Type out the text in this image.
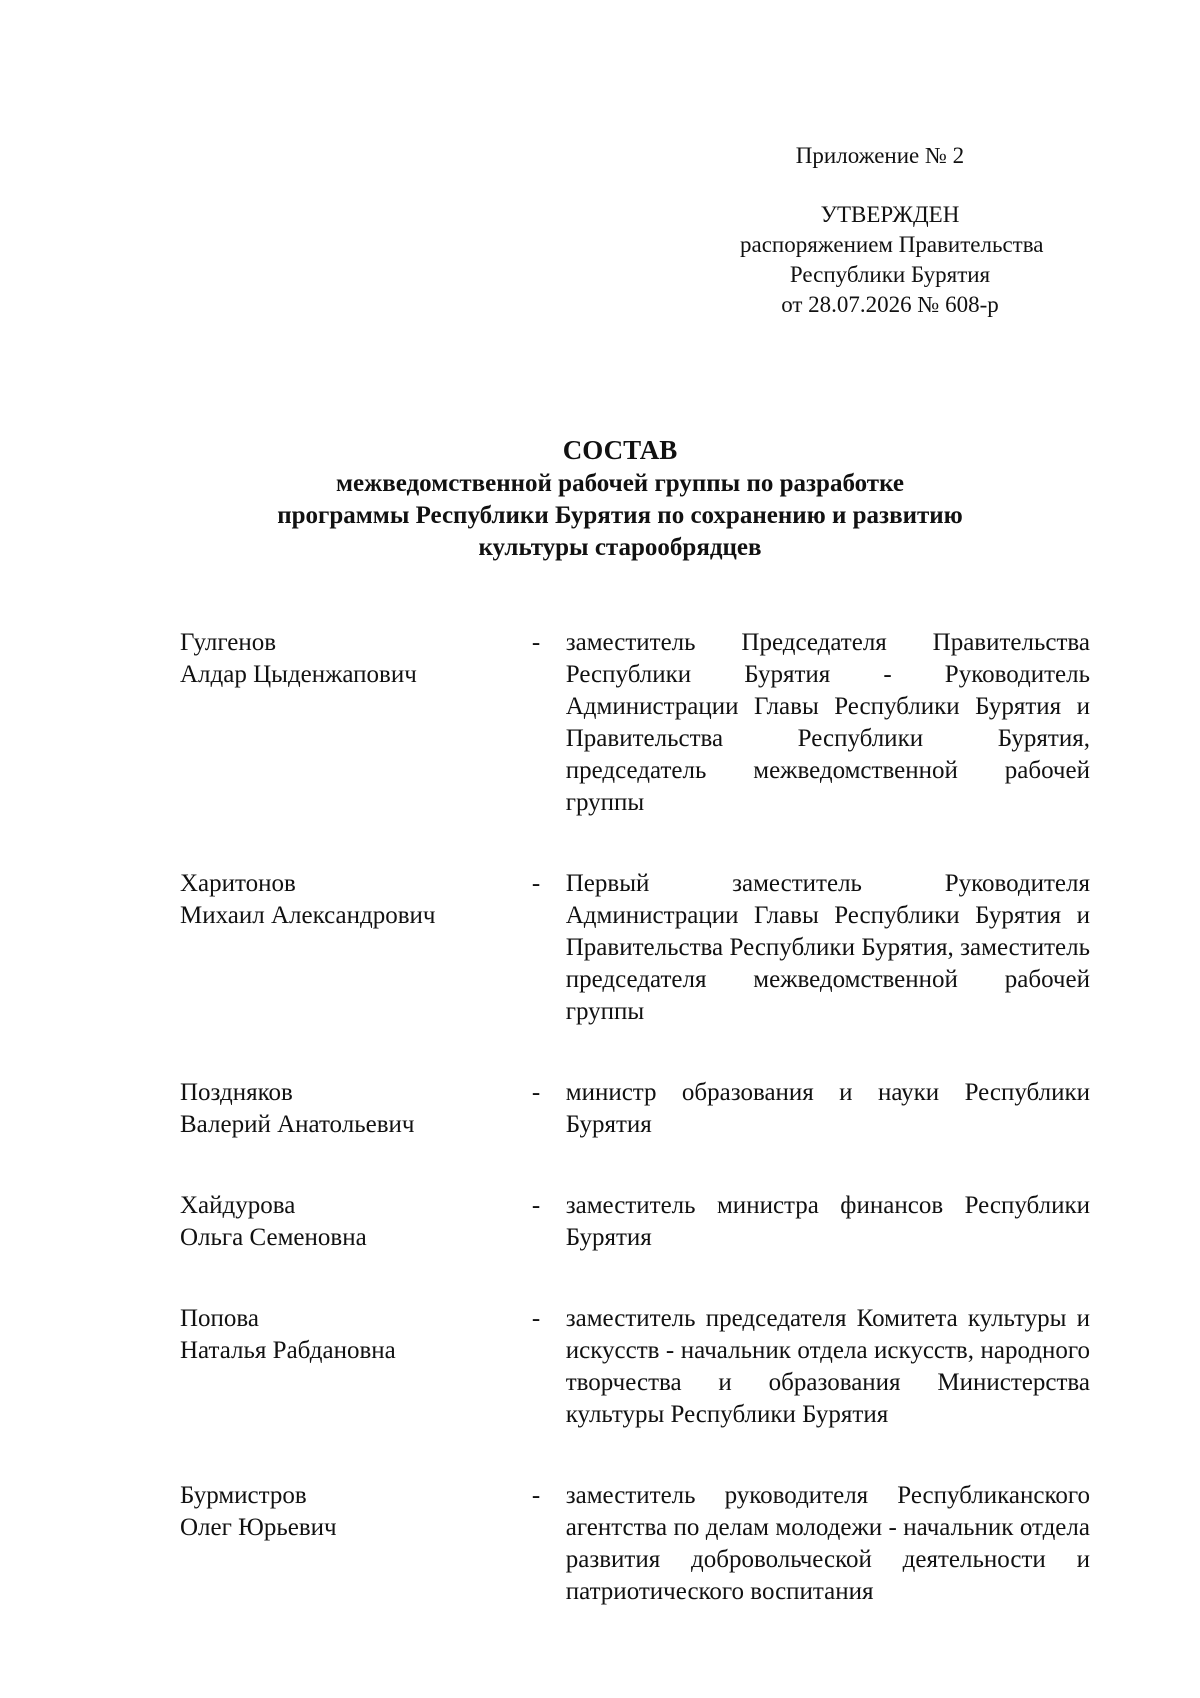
Приложение № 2
УТВЕРЖДЕН
распоряжением Правительства
Республики Бурятия
от 28.07.2026 № 608-р
СОСТАВ
межведомственной рабочей группы по разработке
программы Республики Бурятия по сохранению и развитию
культуры старообрядцев
Гулгенов
Алдар Цыденжапович
-	заместитель Председателя Правительства Республики Бурятия - Руководитель Администрации Главы Республики Бурятия и Правительства Республики Бурятия, председатель межведомственной рабочей группы
Харитонов
Михаил Александрович
-	Первый заместитель Руководителя Администрации Главы Республики Бурятия и Правительства Республики Бурятия, заместитель председателя межведомственной рабочей группы
Поздняков
Валерий Анатольевич
-	министр образования и науки Республики Бурятия
Хайдурова
Ольга Семеновна
-	заместитель министра финансов Республики Бурятия
Попова
Наталья Рабдановна
-	заместитель председателя Комитета культуры и искусств - начальник отдела искусств, народного творчества и образования Министерства культуры Республики Бурятия
Бурмистров
Олег Юрьевич
-	заместитель руководителя Республиканского агентства по делам молодежи - начальник отдела развития добровольческой деятельности и патриотического воспитания
